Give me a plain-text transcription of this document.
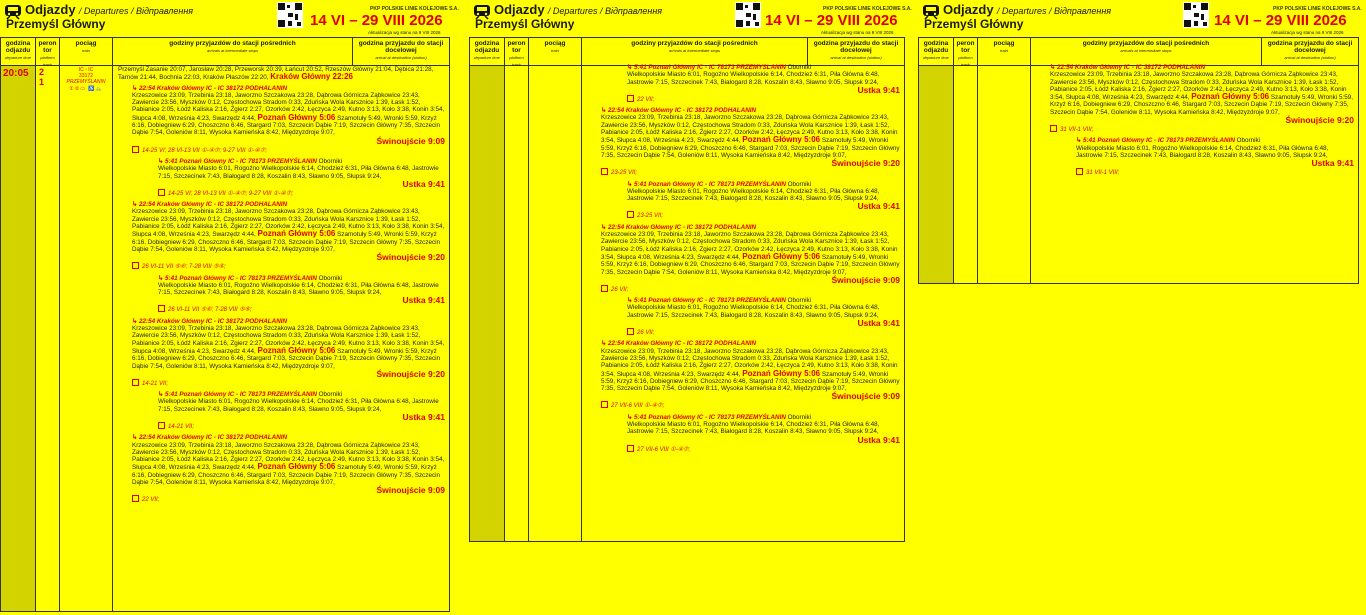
Odjazdy / Departures / Відправлення
Przemyśl Główny
PKP POLSKIE LINIE KOLEJOWE S.A.
14 VI – 29 VIII 2026
Aktualizacja wg stanu na 9 VIII 2026
godzina odjazdu
departure time
peron tor
platform track
pociąg
train
godziny przyjazdów do stacji pośrednich
arrivals at intermediate stops
godzina przyjazdu do stacji docelowej
arrival at destination (station)
20:05 2
1
IC - IC
33172
PRZEMYŚLANIN
①②▭ ♿🚲
Przemyśl Zasanie 20:07, Jarosław 20:28, Przeworsk 20:39, Łańcut 20:52, Rzeszów Główny 21:04, Dębica 21:28, Tarnów 21:44, Bochnia 22:03, Kraków Płaszów 22:20, Kraków Główny 22:26
↳ 22:54 Kraków Główny IC - IC 38172 PODHALANIN
Krzeszowice 23:09, Trzebinia 23:18, Jaworzno Szczakowa 23:28, Dąbrowa Górnicza Ząbkowice 23:43, Zawiercie 23:56, Myszków 0:12, Częstochowa Stradom 0:33, Zduńska Wola Karsznice 1:39, Łask 1:52, Pabianice 2:05, Łódź Kaliska 2:16, Zgierz 2:27, Ozorków 2:42, Łęczyca 2:49, Kutno 3:13, Koło 3:38, Konin 3:54, Słupca 4:08, Września 4:23, Swarzędz 4:44, Poznań Główny 5:06 Szamotuły 5:49, Wronki 5:59, Krzyż 6:16, Dobiegniew 6:29, Choszczno 6:46, Stargard 7:03, Szczecin Dąbie 7:19, Szczecin Główny 7:35, Szczecin Dąbie 7:54, Goleniów 8:11, Wysoka Kamieńska 8:42, Międzyzdroje 9:07,
Świnoujście 9:09
14-25 VI; 28 VI-13 VII ①-④⑦; 9-27 VIII ①-④⑦;
↳ 5:41 Poznań Główny IC - IC 78173 PRZEMYŚLANIN Oborniki
Wielkopolskie Miasto 6:01, Rogoźno Wielkopolskie 6:14, Chodzież 6:31, Piła Główna 6:48, Jastrowie 7:15, Szczecinek 7:43, Białogard 8:28, Koszalin 8:43, Sławno 9:05, Słupsk 9:24,
Ustka 9:41
14-25 VI; 28 VI-13 VII ①-④⑦; 9-27 VIII ①-④⑦;
↳ 22:54 Kraków Główny IC - IC 38172 PODHALANIN
Krzeszowice 23:09, Trzebinia 23:18, Jaworzno Szczakowa 23:28, Dąbrowa Górnicza Ząbkowice 23:43, Zawiercie 23:56, Myszków 0:12, Częstochowa Stradom 0:33, Zduńska Wola Karsznice 1:39, Łask 1:52, Pabianice 2:05, Łódź Kaliska 2:16, Zgierz 2:27, Ozorków 2:42, Łęczyca 2:49, Kutno 3:13, Koło 3:38, Konin 3:54, Słupca 4:08, Września 4:23, Swarzędz 4:44, Poznań Główny 5:06 Szamotuły 5:49, Wronki 5:59, Krzyż 6:16, Dobiegniew 6:29, Choszczno 6:46, Stargard 7:03, Szczecin Dąbie 7:19, Szczecin Główny 7:35, Szczecin Dąbie 7:54, Goleniów 8:11, Wysoka Kamieńska 8:42, Międzyzdroje 9:07,
Świnoujście 9:20
26 VI-11 VII ⑤⑥; 7-28 VIII ⑤⑥;
↳ 5:41 Poznań Główny IC - IC 78173 PRZEMYŚLANIN Oborniki
Wielkopolskie Miasto 6:01, Rogoźno Wielkopolskie 6:14, Chodzież 6:31, Piła Główna 6:48, Jastrowie 7:15, Szczecinek 7:43, Białogard 8:28, Koszalin 8:43, Sławno 9:05, Słupsk 9:24,
Ustka 9:41
26 VI-11 VII ⑤⑥; 7-28 VIII ⑤⑥;
↳ 22:54 Kraków Główny IC - IC 38172 PODHALANIN
Krzeszowice 23:09, Trzebinia 23:18, Jaworzno Szczakowa 23:28, Dąbrowa Górnicza Ząbkowice 23:43, Zawiercie 23:56, Myszków 0:12, Częstochowa Stradom 0:33, Zduńska Wola Karsznice 1:39, Łask 1:52, Pabianice 2:05, Łódź Kaliska 2:16, Zgierz 2:27, Ozorków 2:42, Łęczyca 2:49, Kutno 3:13, Koło 3:38, Konin 3:54, Słupca 4:08, Września 4:23, Swarzędz 4:44, Poznań Główny 5:06 Szamotuły 5:49, Wronki 5:59, Krzyż 6:16, Dobiegniew 6:29, Choszczno 6:46, Stargard 7:03, Szczecin Dąbie 7:19, Szczecin Główny 7:35, Szczecin Dąbie 7:54, Goleniów 8:11, Wysoka Kamieńska 8:42, Międzyzdroje 9:07,
Świnoujście 9:20
14-21 VII;
↳ 5:41 Poznań Główny IC - IC 78173 PRZEMYŚLANIN Oborniki
Wielkopolskie Miasto 6:01, Rogoźno Wielkopolskie 6:14, Chodzież 6:31, Piła Główna 6:48, Jastrowie 7:15, Szczecinek 7:43, Białogard 8:28, Koszalin 8:43, Sławno 9:05, Słupsk 9:24,
Ustka 9:41
14-21 VII;
↳ 22:54 Kraków Główny IC - IC 38172 PODHALANIN
Krzeszowice 23:09, Trzebinia 23:18, Jaworzno Szczakowa 23:28, Dąbrowa Górnicza Ząbkowice 23:43, Zawiercie 23:56, Myszków 0:12, Częstochowa Stradom 0:33, Zduńska Wola Karsznice 1:39, Łask 1:52, Pabianice 2:05, Łódź Kaliska 2:16, Zgierz 2:27, Ozorków 2:42, Łęczyca 2:49, Kutno 3:13, Koło 3:38, Konin 3:54, Słupca 4:08, Września 4:23, Swarzędz 4:44, Poznań Główny 5:06 Szamotuły 5:49, Wronki 5:59, Krzyż 6:16, Dobiegniew 6:29, Choszczno 6:46, Stargard 7:03, Szczecin Dąbie 7:19, Szczecin Główny 7:35, Szczecin Dąbie 7:54, Goleniów 8:11, Wysoka Kamieńska 8:42, Międzyzdroje 9:07,
Świnoujście 9:09
22 VII;
Odjazdy / Departures / Відправлення
Przemyśl Główny
PKP POLSKIE LINIE KOLEJOWE S.A.
14 VI – 29 VIII 2026
Aktualizacja wg stanu na 9 VIII 2026
godzina odjazdu
departure time
peron tor
platform track
pociąg
train
godziny przyjazdów do stacji pośrednich
arrivals at intermediate stops
godzina przyjazdu do stacji docelowej
arrival at destination (station)
↳ 5:41 Poznań Główny IC - IC 78173 PRZEMYŚLANIN Oborniki
Wielkopolskie Miasto 6:01, Rogoźno Wielkopolskie 6:14, Chodzież 6:31, Piła Główna 6:48, Jastrowie 7:15, Szczecinek 7:43, Białogard 8:28, Koszalin 8:43, Sławno 9:05, Słupsk 9:24,
Ustka 9:41
22 VII;
↳ 22:54 Kraków Główny IC - IC 38172 PODHALANIN
Krzeszowice 23:09, Trzebinia 23:18, Jaworzno Szczakowa 23:28, Dąbrowa Górnicza Ząbkowice 23:43, Zawiercie 23:56, Myszków 0:12, Częstochowa Stradom 0:33, Zduńska Wola Karsznice 1:39, Łask 1:52, Pabianice 2:05, Łódź Kaliska 2:16, Zgierz 2:27, Ozorków 2:42, Łęczyca 2:49, Kutno 3:13, Koło 3:38, Konin 3:54, Słupca 4:08, Września 4:23, Swarzędz 4:44, Poznań Główny 5:06 Szamotuły 5:49, Wronki 5:59, Krzyż 6:16, Dobiegniew 6:29, Choszczno 6:46, Stargard 7:03, Szczecin Dąbie 7:19, Szczecin Główny 7:35, Szczecin Dąbie 7:54, Goleniów 8:11, Wysoka Kamieńska 8:42, Międzyzdroje 9:07,
Świnoujście 9:20
23-25 VII;
↳ 5:41 Poznań Główny IC - IC 78173 PRZEMYŚLANIN Oborniki
Wielkopolskie Miasto 6:01, Rogoźno Wielkopolskie 6:14, Chodzież 6:31, Piła Główna 6:48, Jastrowie 7:15, Szczecinek 7:43, Białogard 8:28, Koszalin 8:43, Sławno 9:05, Słupsk 9:24,
Ustka 9:41
23-25 VII;
↳ 22:54 Kraków Główny IC - IC 38172 PODHALANIN
Krzeszowice 23:09, Trzebinia 23:18, Jaworzno Szczakowa 23:28, Dąbrowa Górnicza Ząbkowice 23:43, Zawiercie 23:56, Myszków 0:12, Częstochowa Stradom 0:33, Zduńska Wola Karsznice 1:39, Łask 1:52, Pabianice 2:05, Łódź Kaliska 2:16, Zgierz 2:27, Ozorków 2:42, Łęczyca 2:49, Kutno 3:13, Koło 3:38, Konin 3:54, Słupca 4:08, Września 4:23, Swarzędz 4:44, Poznań Główny 5:06 Szamotuły 5:49, Wronki 5:59, Krzyż 6:16, Dobiegniew 6:29, Choszczno 6:46, Stargard 7:03, Szczecin Dąbie 7:19, Szczecin Główny 7:35, Szczecin Dąbie 7:54, Goleniów 8:11, Wysoka Kamieńska 8:42, Międzyzdroje 9:07,
Świnoujście 9:09
26 VII;
↳ 5:41 Poznań Główny IC - IC 78173 PRZEMYŚLANIN Oborniki
Wielkopolskie Miasto 6:01, Rogoźno Wielkopolskie 6:14, Chodzież 6:31, Piła Główna 6:48, Jastrowie 7:15, Szczecinek 7:43, Białogard 8:28, Koszalin 8:43, Sławno 9:05, Słupsk 9:24,
Ustka 9:41
26 VII;
↳ 22:54 Kraków Główny IC - IC 38172 PODHALANIN
Krzeszowice 23:09, Trzebinia 23:18, Jaworzno Szczakowa 23:28, Dąbrowa Górnicza Ząbkowice 23:43, Zawiercie 23:56, Myszków 0:12, Częstochowa Stradom 0:33, Zduńska Wola Karsznice 1:39, Łask 1:52, Pabianice 2:05, Łódź Kaliska 2:16, Zgierz 2:27, Ozorków 2:42, Łęczyca 2:49, Kutno 3:13, Koło 3:38, Konin 3:54, Słupca 4:08, Września 4:23, Swarzędz 4:44, Poznań Główny 5:06 Szamotuły 5:49, Wronki 5:59, Krzyż 6:16, Dobiegniew 6:29, Choszczno 6:46, Stargard 7:03, Szczecin Dąbie 7:19, Szczecin Główny 7:35, Szczecin Dąbie 7:54, Goleniów 8:11, Wysoka Kamieńska 8:42, Międzyzdroje 9:07,
Świnoujście 9:09
27 VII-6 VIII ①-④⑦;
↳ 5:41 Poznań Główny IC - IC 78173 PRZEMYŚLANIN Oborniki
Wielkopolskie Miasto 6:01, Rogoźno Wielkopolskie 6:14, Chodzież 6:31, Piła Główna 6:48, Jastrowie 7:15, Szczecinek 7:43, Białogard 8:28, Koszalin 8:43, Sławno 9:05, Słupsk 9:24,
Ustka 9:41
27 VII-6 VIII ①-④⑦;
Odjazdy / Departures / Відправлення
Przemyśl Główny
PKP POLSKIE LINIE KOLEJOWE S.A.
14 VI – 29 VIII 2026
Aktualizacja wg stanu na 9 VIII 2026
godzina odjazdu
departure time
peron tor
platform track
pociąg
train
godziny przyjazdów do stacji pośrednich
arrivals at intermediate stops
godzina przyjazdu do stacji docelowej
arrival at destination (station)
↳ 22:54 Kraków Główny IC - IC 38172 PODHALANIN
Krzeszowice 23:09, Trzebinia 23:18, Jaworzno Szczakowa 23:28, Dąbrowa Górnicza Ząbkowice 23:43, Zawiercie 23:56, Myszków 0:12, Częstochowa Stradom 0:33, Zduńska Wola Karsznice 1:39, Łask 1:52, Pabianice 2:05, Łódź Kaliska 2:16, Zgierz 2:27, Ozorków 2:42, Łęczyca 2:49, Kutno 3:13, Koło 3:38, Konin 3:54, Słupca 4:08, Września 4:23, Swarzędz 4:44, Poznań Główny 5:06 Szamotuły 5:49, Wronki 5:59, Krzyż 6:16, Dobiegniew 6:29, Choszczno 6:46, Stargard 7:03, Szczecin Dąbie 7:19, Szczecin Główny 7:35, Szczecin Dąbie 7:54, Goleniów 8:11, Wysoka Kamieńska 8:42, Międzyzdroje 9:07,
Świnoujście 9:20
31 VII-1 VIII;
↳ 5:41 Poznań Główny IC - IC 78173 PRZEMYŚLANIN Oborniki
Wielkopolskie Miasto 6:01, Rogoźno Wielkopolskie 6:14, Chodzież 6:31, Piła Główna 6:48, Jastrowie 7:15, Szczecinek 7:43, Białogard 8:28, Koszalin 8:43, Sławno 9:05, Słupsk 9:24,
Ustka 9:41
31 VII-1 VIII;
